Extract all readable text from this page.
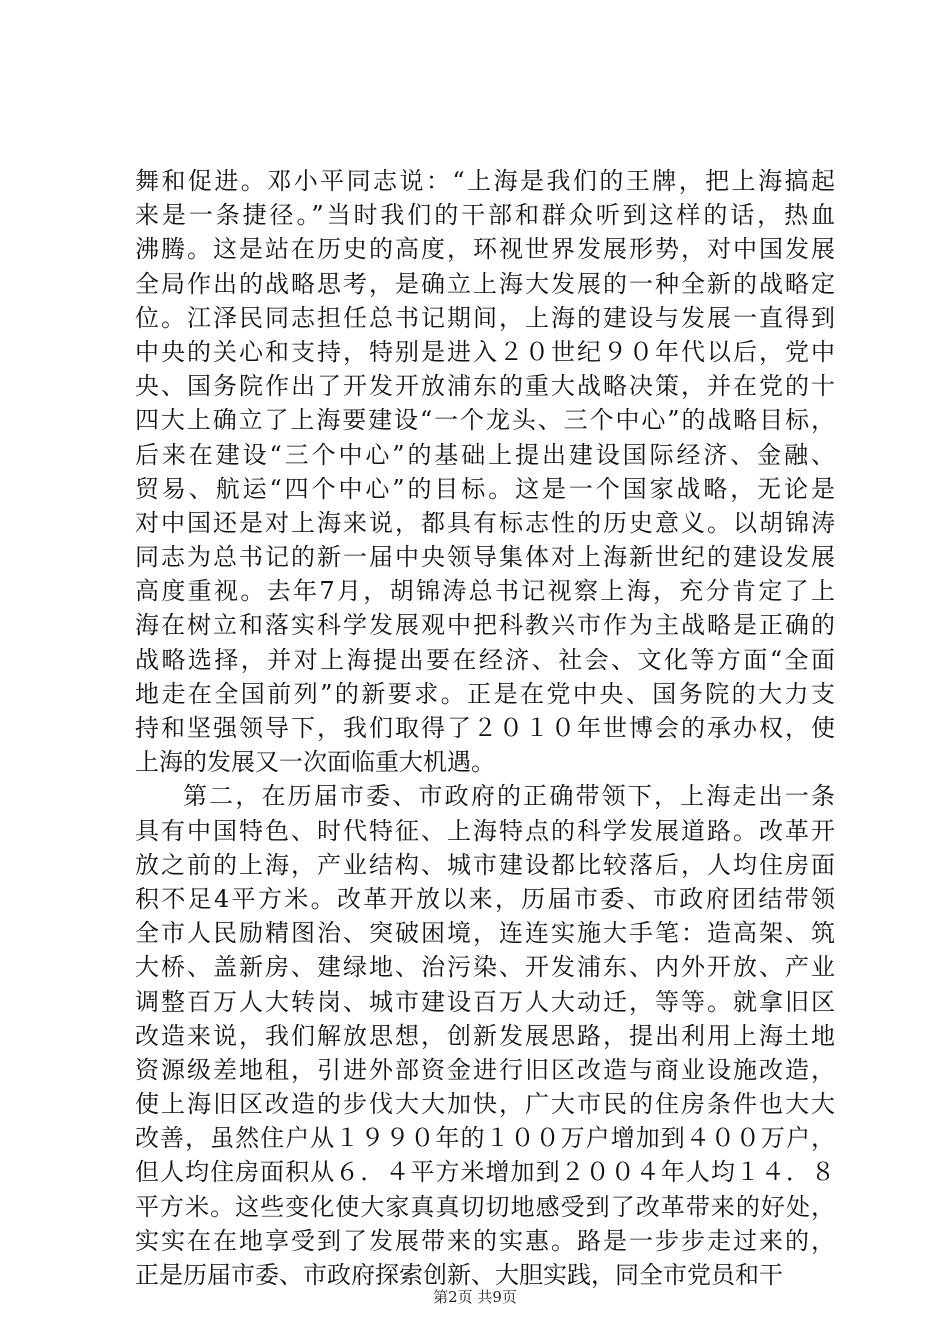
舞和促进。邓小平同志说：“上海是我们的王牌，把上海搞起
来是一条捷径。”当时我们的干部和群众听到这样的话，热血
沸腾。这是站在历史的高度，环视世界发展形势，对中国发展
全局作出的战略思考，是确立上海大发展的一种全新的战略定
位。江泽民同志担任总书记期间，上海的建设与发展一直得到
中央的关心和支持，特别是进入２０世纪９０年代以后，党中
央、国务院作出了开发开放浦东的重大战略决策，并在党的十
四大上确立了上海要建设“一个龙头、三个中心”的战略目标，
后来在建设“三个中心”的基础上提出建设国际经济、金融、
贸易、航运“四个中心”的目标。这是一个国家战略，无论是
对中国还是对上海来说，都具有标志性的历史意义。以胡锦涛
同志为总书记的新一届中央领导集体对上海新世纪的建设发展
高度重视。去年7月，胡锦涛总书记视察上海，充分肯定了上
海在树立和落实科学发展观中把科教兴市作为主战略是正确的
战略选择，并对上海提出要在经济、社会、文化等方面“全面
地走在全国前列”的新要求。正是在党中央、国务院的大力支
持和坚强领导下，我们取得了２０１０年世博会的承办权，使
上海的发展又一次面临重大机遇。
第二，在历届市委、市政府的正确带领下，上海走出一条
具有中国特色、时代特征、上海特点的科学发展道路。改革开
放之前的上海，产业结构、城市建设都比较落后，人均住房面
积不足4平方米。改革开放以来，历届市委、市政府团结带领
全市人民励精图治、突破困境，连连实施大手笔：造高架、筑
大桥、盖新房、建绿地、治污染、开发浦东、内外开放、产业
调整百万人大转岗、城市建设百万人大动迁，等等。就拿旧区
改造来说，我们解放思想，创新发展思路，提出利用上海土地
资源级差地租，引进外部资金进行旧区改造与商业设施改造，
使上海旧区改造的步伐大大加快，广大市民的住房条件也大大
改善，虽然住户从１９９０年的１００万户增加到４００万户，
但人均住房面积从６．４平方米增加到２００４年人均１４．８
平方米。这些变化使大家真真切切地感受到了改革带来的好处，
实实在在地享受到了发展带来的实惠。路是一步步走过来的，
正是历届市委、市政府探索创新、大胆实践，同全市党员和干
第2页 共9页
